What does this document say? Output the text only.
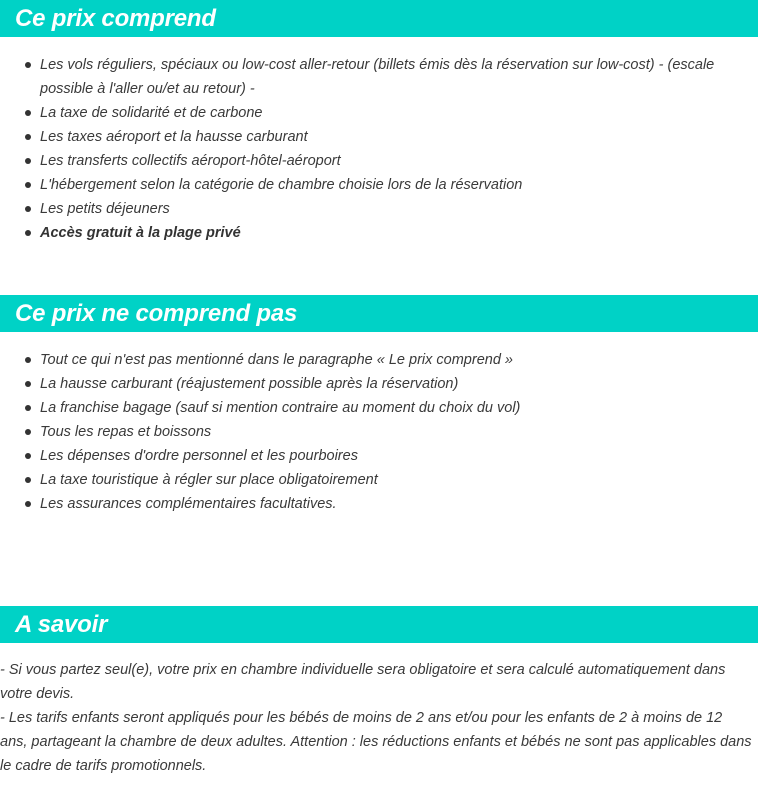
Ce prix comprend
Les vols réguliers, spéciaux ou low-cost aller-retour (billets émis dès la réservation sur low-cost) - (escale possible à l'aller ou/et au retour) -
La taxe de solidarité et de carbone
Les taxes aéroport et la hausse carburant
Les transferts collectifs aéroport-hôtel-aéroport
L'hébergement selon la catégorie de chambre choisie lors de la réservation
Les petits déjeuners
Accès gratuit à la plage privé
Ce prix ne comprend pas
Tout ce qui n'est pas mentionné dans le paragraphe « Le prix comprend »
La hausse carburant (réajustement possible après la réservation)
La franchise bagage (sauf si mention contraire au moment du choix du vol)
Tous les repas et boissons
Les dépenses d'ordre personnel et les pourboires
La taxe touristique à régler sur place obligatoirement
Les assurances complémentaires facultatives.
A savoir

- Si vous partez seul(e), votre prix en chambre individuelle sera obligatoire et sera calculé automatiquement dans votre devis.

- Les tarifs enfants seront appliqués pour les bébés de moins de 2 ans et/ou pour les enfants de 2 à moins de 12 ans, partageant la chambre de deux adultes. Attention : les réductions enfants et bébés ne sont pas applicables dans le cadre de tarifs promotionnels.
